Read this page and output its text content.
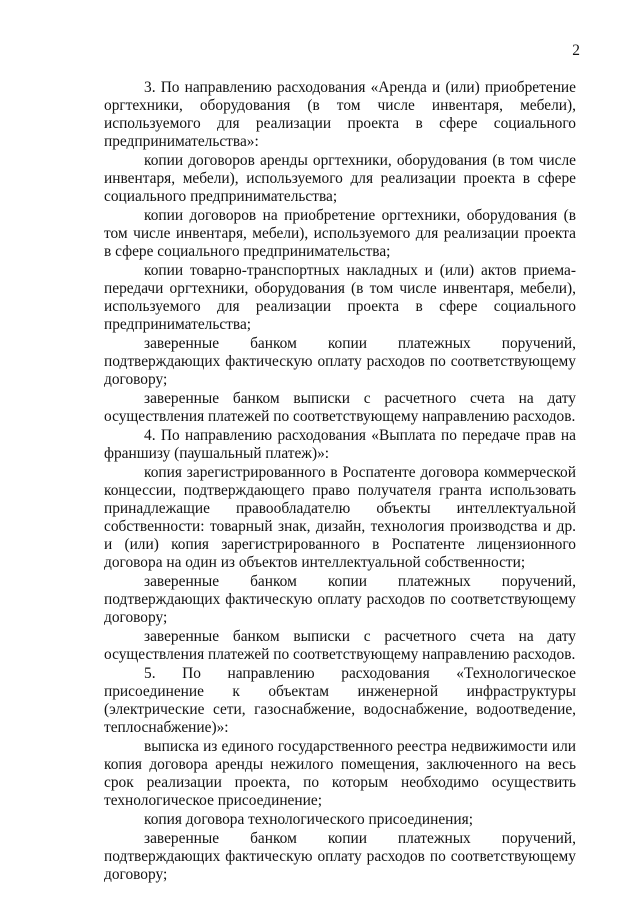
2

3. По направлению расходования «Аренда и (или) приобретение оргтехники, оборудования (в том числе инвентаря, мебели), используемого для реализации проекта в сфере социального предпринимательства»:

копии договоров аренды оргтехники, оборудования (в том числе инвентаря, мебели), используемого для реализации проекта в сфере социального предпринимательства;

копии договоров на приобретение оргтехники, оборудования (в том числе инвентаря, мебели), используемого для реализации проекта в сфере социального предпринимательства;

копии товарно-транспортных накладных и (или) актов приема-передачи оргтехники, оборудования (в том числе инвентаря, мебели), используемого для реализации проекта в сфере социального предпринимательства;

заверенные банком копии платежных поручений, подтверждающих фактическую оплату расходов по соответствующему договору;

заверенные банком выписки с расчетного счета на дату осуществления платежей по соответствующему направлению расходов.

4. По направлению расходования «Выплата по передаче прав на франшизу (паушальный платеж)»:

копия зарегистрированного в Роспатенте договора коммерческой концессии, подтверждающего право получателя гранта использовать принадлежащие правообладателю объекты интеллектуальной собственности: товарный знак, дизайн, технология производства и др. и (или) копия зарегистрированного в Роспатенте лицензионного договора на один из объектов интеллектуальной собственности;

заверенные банком копии платежных поручений, подтверждающих фактическую оплату расходов по соответствующему договору;

заверенные банком выписки с расчетного счета на дату осуществления платежей по соответствующему направлению расходов.

5. По направлению расходования «Технологическое присоединение к объектам инженерной инфраструктуры (электрические сети, газоснабжение, водоснабжение, водоотведение, теплоснабжение)»:

выписка из единого государственного реестра недвижимости или копия договора аренды нежилого помещения, заключенного на весь срок реализации проекта, по которым необходимо осуществить технологическое присоединение;

копия договора технологического присоединения;

заверенные банком копии платежных поручений, подтверждающих фактическую оплату расходов по соответствующему договору;
